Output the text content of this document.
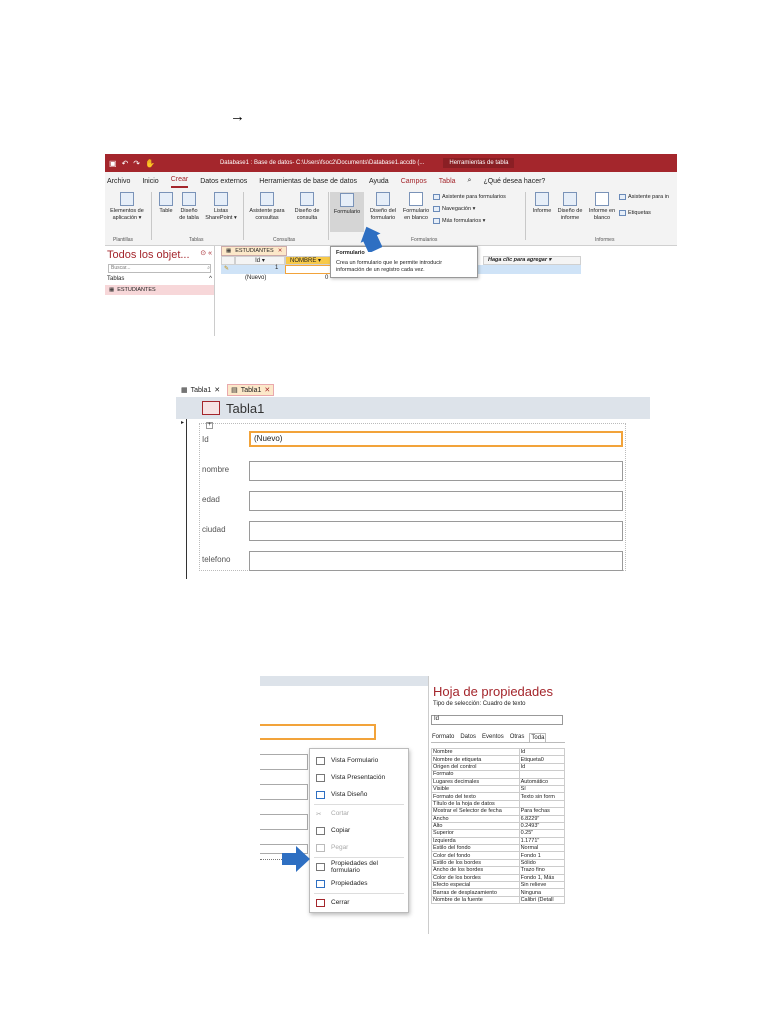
→
▣ ↶ ↷ ✋	Database1 : Base de datos- C:\Users\fsoc2\Documents\Database1.accdb (...	Herramientas de tabla
Archivo Inicio Crear Datos externos Herramientas de base de datos Ayuda Campos Tabla ⌕ ¿Qué desea hacer?
Elementos de aplicación ▾
Table	Diseño de tabla
Listas SharePoint ▾
Asistente para consultas
Diseño de consulta
Formulario	Diseño del formulario
Formulario en blanco
Asistente para formularios
Navegación ▾
Más formularios ▾
Informe	Diseño de informe
Informe en blanco
Asistente para in
Etiquetas
Plantillas	Tablas	Consultas	Formularios	Informes
Todos los objet... ⊙ «
Buscar...	⌕
Tablas	^
▦ ESTUDIANTES
▦ ESTUDIANTES ✕
Id ▾	NOMBRE ▾	Haga clic para agregar ▾
✎	1
(Nuevo)	0
Formulario
Crea un formulario que le permite introducir información de un registro cada vez.
▦ Tabla1 ✕ ▤ Tabla1 ✕
Tabla1
▸	+
Id	(Nuevo)
nombre
edad
ciudad
telefono
Vista Formulario
Vista Presentación
Vista Diseño
✂	Cortar
Copiar
Pegar
Propiedades del formulario
Propiedades
Cerrar
Hoja de propiedades
Tipo de selección: Cuadro de texto
Id
Formato Datos Eventos Otras	Toda
Nombre	Id
Nombre de etiqueta	Etiqueta0
Origen del control	Id
Formato	
Lugares decimales	Automático
Visible	Sí
Formato del texto	Texto sin form
Título de la hoja de datos	
Mostrar el Selector de fecha	Para fechas
Ancho	6.8229"
Alto	0.2493"
Superior	0.25"
Izquierda	1.1771"
Estilo del fondo	Normal
Color del fondo	Fondo 1
Estilo de los bordes	Sólido
Ancho de los bordes	Trazo fino
Color de los bordes	Fondo 1, Más
Efecto especial	Sin relieve
Barras de desplazamiento	Ninguna
Nombre de la fuente	Calibri (Detall
